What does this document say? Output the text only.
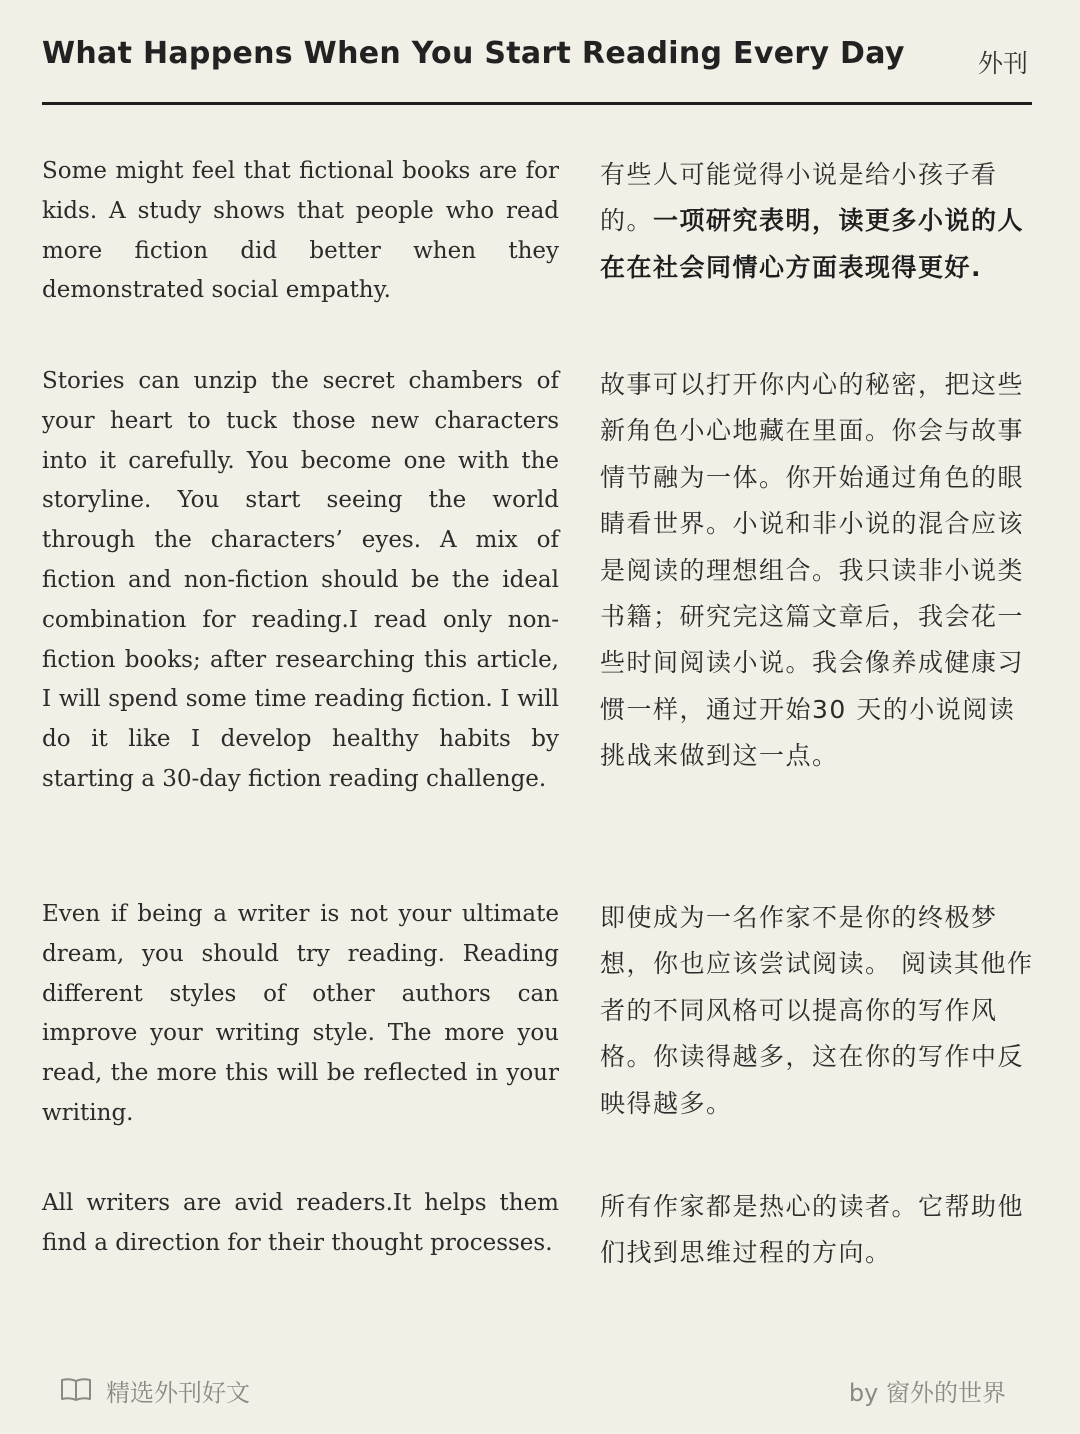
What Happens When You Start Reading Every Day	外刊
Some might feel that fictional books are for kids. A study shows that people who read more fiction did better when they demonstrated social empathy.
有些人可能觉得小说是给小孩子看的。一项研究表明，读更多小说的人在在社会同情心方面表现得更好.
Stories can unzip the secret chambers of your heart to tuck those new characters into it carefully. You become one with the storyline. You start seeing the world through the characters’ eyes. A mix of fiction and non-fiction should be the ideal combination for reading.I read only non-fiction books; after researching this article, I will spend some time reading fiction. I will do it like I develop healthy habits by starting a 30-day fiction reading challenge.
故事可以打开你内心的秘密，把这些新角色小心地藏在里面。你会与故事情节融为一体。你开始通过角色的眼睛看世界。小说和非小说的混合应该是阅读的理想组合。我只读非小说类书籍；研究完这篇文章后，我会花一些时间阅读小说。我会像养成健康习惯一样，通过开始30 天的小说阅读挑战来做到这一点。
Even if being a writer is not your ultimate dream, you should try reading. Reading different styles of other authors can improve your writing style. The more you read, the more this will be reflected in your writing.
即使成为一名作家不是你的终极梦想，你也应该尝试阅读。 阅读其他作者的不同风格可以提高你的写作风格。你读得越多，这在你的写作中反映得越多。
All writers are avid readers.It helps them find a direction for their thought processes.
所有作家都是热心的读者。它帮助他们找到思维过程的方向。
精选外刊好文	by 窗外的世界
